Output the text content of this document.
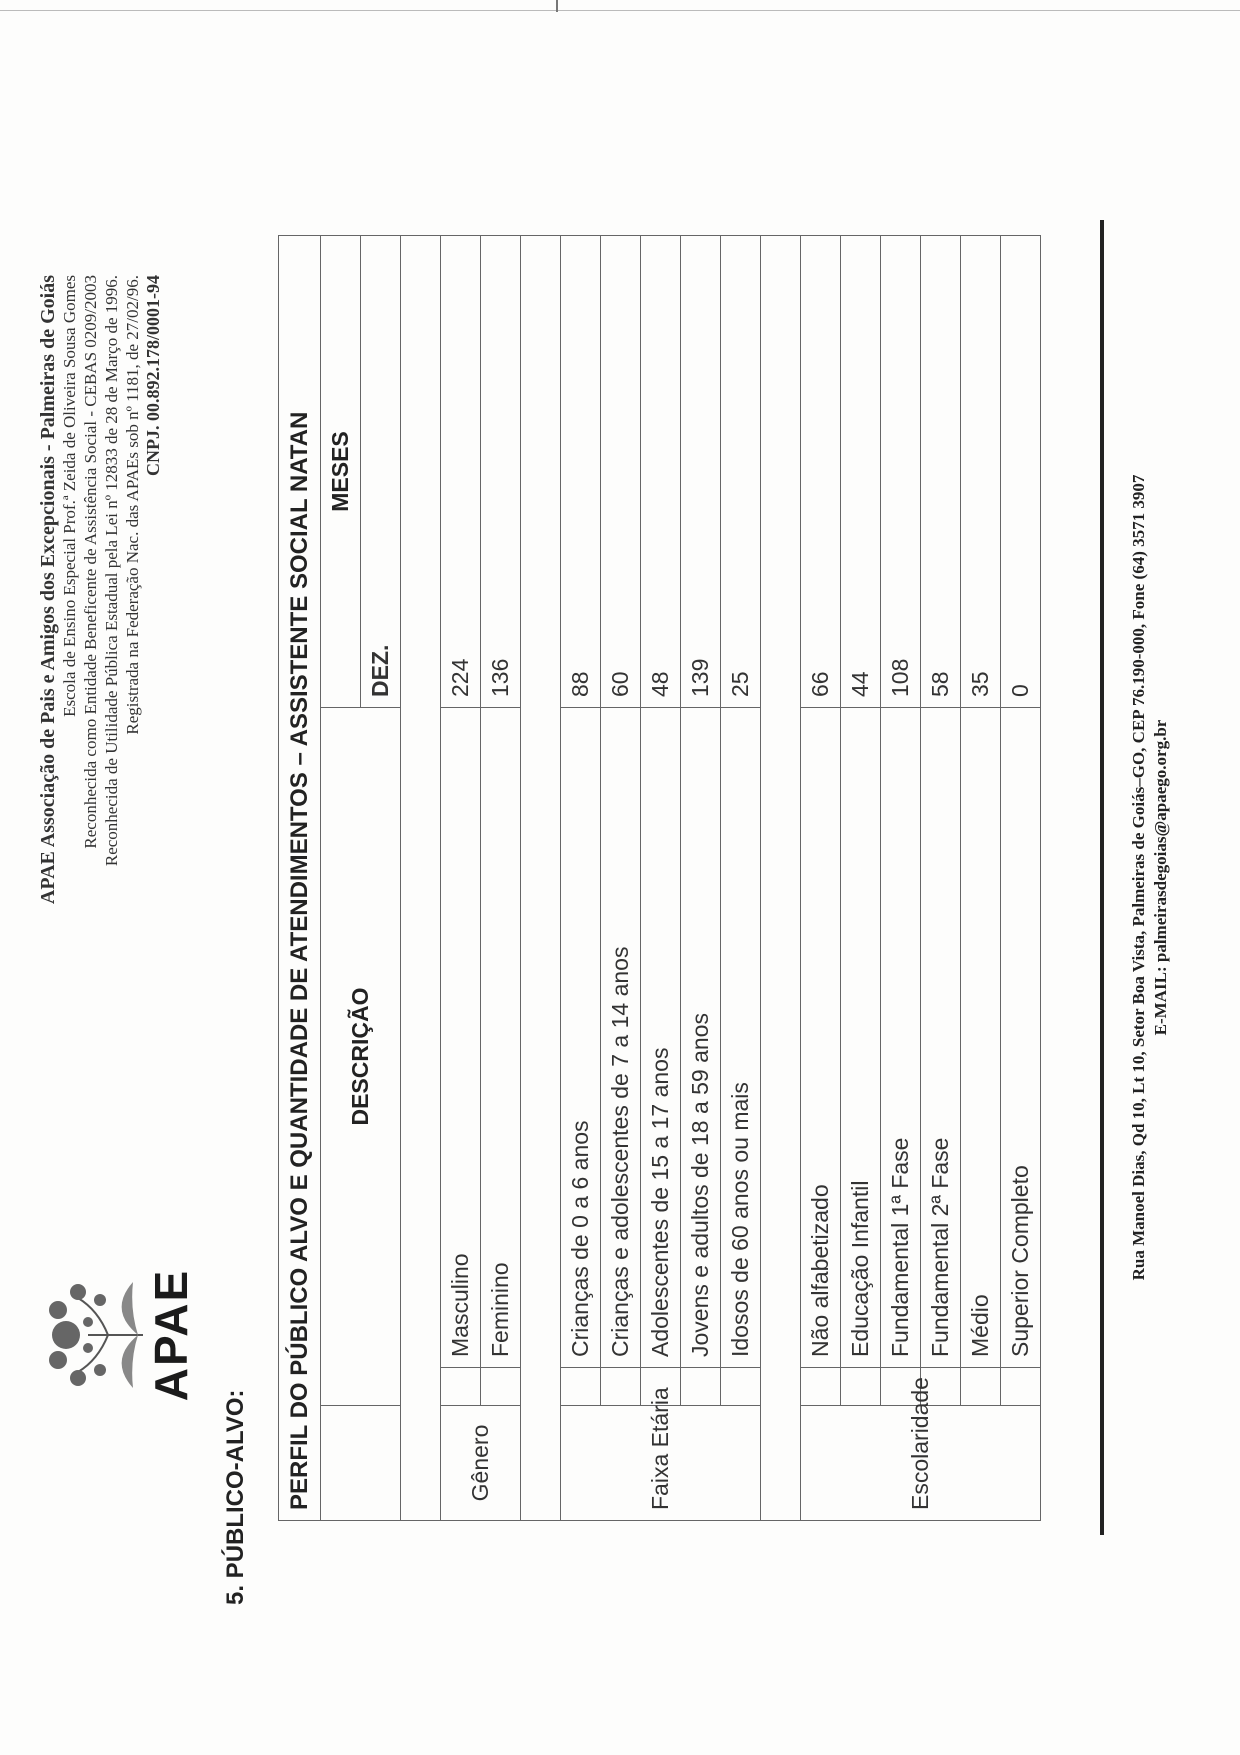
APAE
APAE Associação de Pais e Amigos dos Excepcionais - Palmeiras de Goiás Escola de Ensino Especial Prof.ª Zeida de Oliveira Sousa Gomes Reconhecida como Entidade Beneficente de Assistência Social - CEBAS 0209/2003 Reconhecida de Utilidade Pública Estadual pela Lei nº 12833 de 28 de Março de 1996. Registrada na Federação Nac. das APAEs sob nº 1181, de 27/02/96. CNPJ. 00.892.178/0001-94
5. PÚBLICO-ALVO: PERFIL DO PÚBLICO ALVO E QUANTIDADE DE ATENDIMENTOS – ASSISTENTE SOCIAL NATAN			
	DESCRIÇÃO		MESES
			DEZ.

Gênero		Masculino	224
		Feminino	136

Faixa Etária		Crianças de 0 a 6 anos	88
		Crianças e adolescentes de 7 a 14 anos	60
		Adolescentes de 15 a 17 anos	48
		Jovens e adultos de 18 a 59 anos	139
		Idosos de 60 anos ou mais	25

Escolaridade		Não alfabetizado	66
		Educação Infantil	44
		Fundamental 1ª Fase	108
		Fundamental 2ª Fase	58
		Médio	35
		Superior Completo	0	Rua Manoel Dias, Qd 10, Lt 10, Setor Boa Vista, Palmeiras de Goiás–GO, CEP 76.190-000, Fone (64) 3571 3907 E-MAIL: palmeirasdegoias@apaego.org.br
